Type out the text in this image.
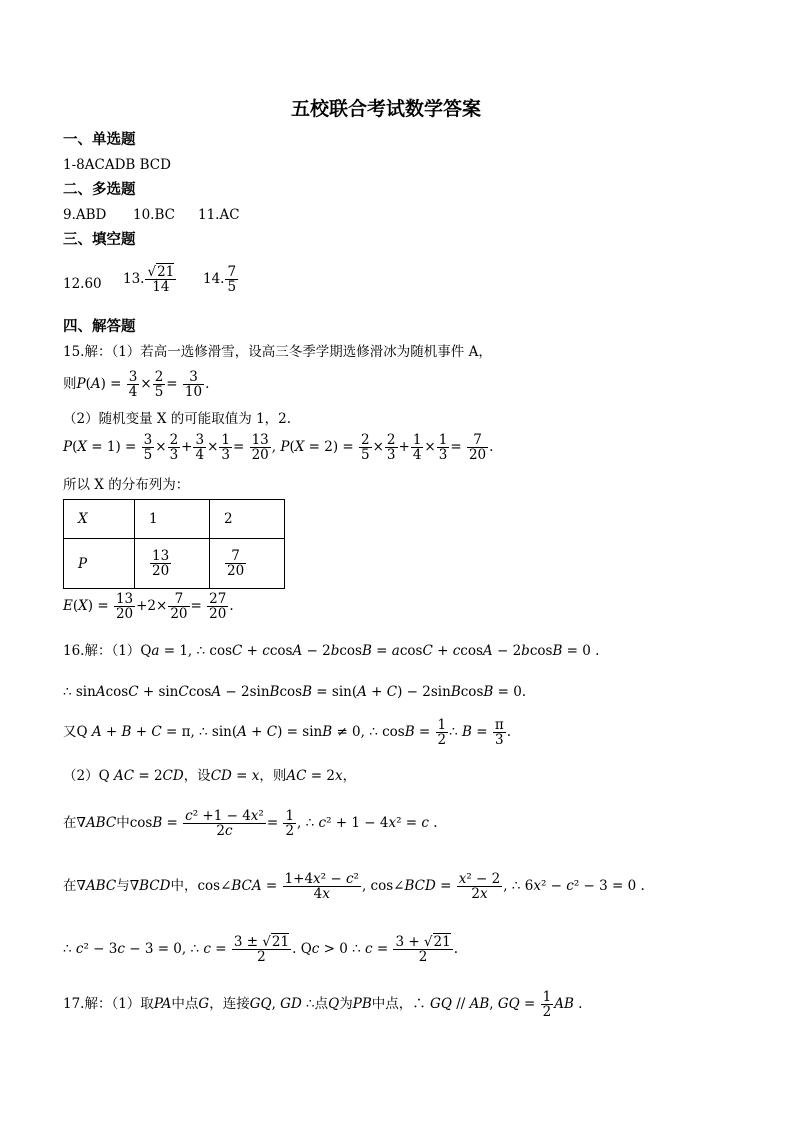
五校联合考试数学答案
一、单选题
1-8ACADB BCD
二、多选题
9.ABD 10.BC 11.AC
三、填空题
12.60 13. $\frac{√21}{14} 14$. $\frac{7}{5}$
四、解答题
15.解：（1）若高一选修滑雪，设高三冬季学期选修滑冰为随机事件 A，
则$P(A) = \frac{3}{4} \times \frac{2}{5} = \frac{3}{10}$ .
（2）随机变量 X 的可能取值为 1，2.
$P(X = 1) = \frac{3}{5} \times \frac{2}{3} + \frac{3}{4} \times \frac{1}{3} = \frac{13}{20}$ , $P(X = 2) = \frac{2}{5} \times \frac{2}{3} + \frac{1}{4} \times \frac{1}{3} = \frac{7}{20}$ .
所以 X 的分布列为：
X	1	2
P	$\frac{13}{20}$	$\frac{7}{20}$
$E(X) = \frac{13}{20} +2\times \frac{7}{20} = \frac{27}{20}$ .
16.解：（1）Qa = 1, ∴ cosC + ccosA − 2bcosB = acosC + ccosA − 2bcosB = 0 .
∴ sinAcosC + sinCcosA − 2sinBcosB = sin(A + C) − 2sinBcosB = 0.
又Q A + B + C = π, ∴ sin(A + C) = sinB ≠ 0, ∴ $\cos B = \frac{1}{2}$ ∴ $B = \frac{\pi}{3}$ .
（2）Q AC = 2CD，设CD = x，则AC = 2x，
在∇ABC中$\cos B = \frac{\text{c² +1 − 4x²}}{2c} = \frac{1}{2}$ , ∴ c² + 1 − 4x² = c .
在∇ABC与∇BCD中，cos∠BCA = $\frac{\text{1+4x² − c²}}{4x}$ , cos∠BCD = $\frac{\text{x² − 2}}{2x}$ , ∴ 6x² − c² − 3 = 0 .
∴ c² − 3c − 3 = 0, ∴ $c = \frac{3 \pm √21}{2}$ . Qc > 0 ∴ $c = \frac{3 + √21}{2}$ .
17.解：（1）取PA中点G，连接GQ, GD ∴点Q为PB中点，∴ GQ // AB, GQ = $\frac{1}{2}$ AB .
